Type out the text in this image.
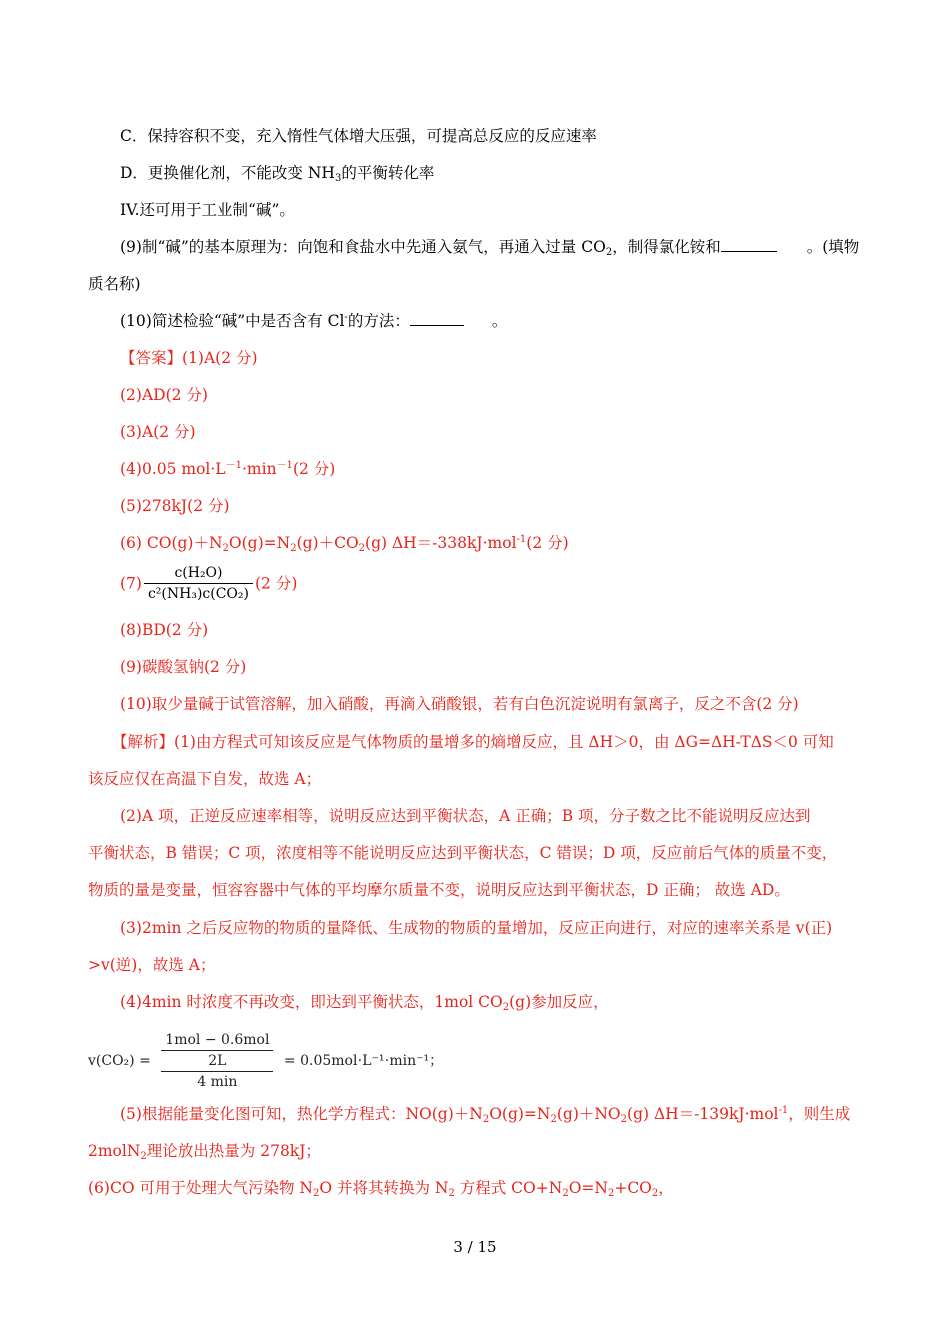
C．保持容积不变，充入惰性气体增大压强，可提高总反应的反应速率
D．更换催化剂，不能改变 $NH_3$的平衡转化率
IV.还可用于工业制“碱”。
(9)制“碱”的基本原理为：向饱和食盐水中先通入氨气，再通入过量 $CO_2$，制得氯化铵和	。(填物
质名称)
(10)简述检验“碱”中是否含有 Cl-的方法：	。
【答案】(1)A(2 分)
(2)AD(2 分)
(3)A(2 分)
(4)0.05 $mol\cdot L^{-1}\cdot\min^{-1}(2$ 分)
(5)278kJ(2 分)
(6) $CO(g)+N_2O(g)=N_2(g)+CO_2(g)$ ΔH＝-338kJ·mol$^{-1}$(2 分)
$(7) \frac{\text{c(H₂O)}}{\text{c²(NH₃)c(CO₂)}} (2$ 分)
(8)BD(2 分)
(9)碳酸氢钠(2 分)
(10)取少量碱于试管溶解，加入硝酸，再滴入硝酸银，若有白色沉淀说明有氯离子，反之不含(2 分)
【解析】(1)由方程式可知该反应是气体物质的量增多的熵增反应，且 ΔH＞0，由 ΔG=ΔH-TΔS＜0 可知
该反应仅在高温下自发，故选 A；
(2)A 项，正逆反应速率相等，说明反应达到平衡状态，A 正确；B 项，分子数之比不能说明反应达到
平衡状态，B 错误；C 项，浓度相等不能说明反应达到平衡状态，C 错误；D 项，反应前后气体的质量不变，
物质的量是变量，恒容容器中气体的平均摩尔质量不变，说明反应达到平衡状态，D 正确； 故选 AD。
(3)2min 之后反应物的物质的量降低、生成物的物质的量增加，反应正向进行，对应的速率关系是 v(正)
>v(逆)，故选 A；
(4)4min 时浓度不再改变，即达到平衡状态，1mol $CO_2(g)$参加反应，
$v(CO_2) = \frac{\text{1mol − 0.6mol}}{2L}$
4 min
= 0.05mol⋅L⁻¹⋅min⁻¹；
(5)根据能量变化图可知，热化学方程式：$NO(g)+N_2O(g)=N_2(g)+NO_2(g)$ ΔH＝-139kJ·mol$^{-1}$，则生成
2molN$_2$理论放出热量为 278kJ；
(6)CO 可用于处理大气污染物 $N_2O$ 并将其转换为 $N_2$ 方程式 $CO+N_2O=N_2+CO_2$，
3 / 15
